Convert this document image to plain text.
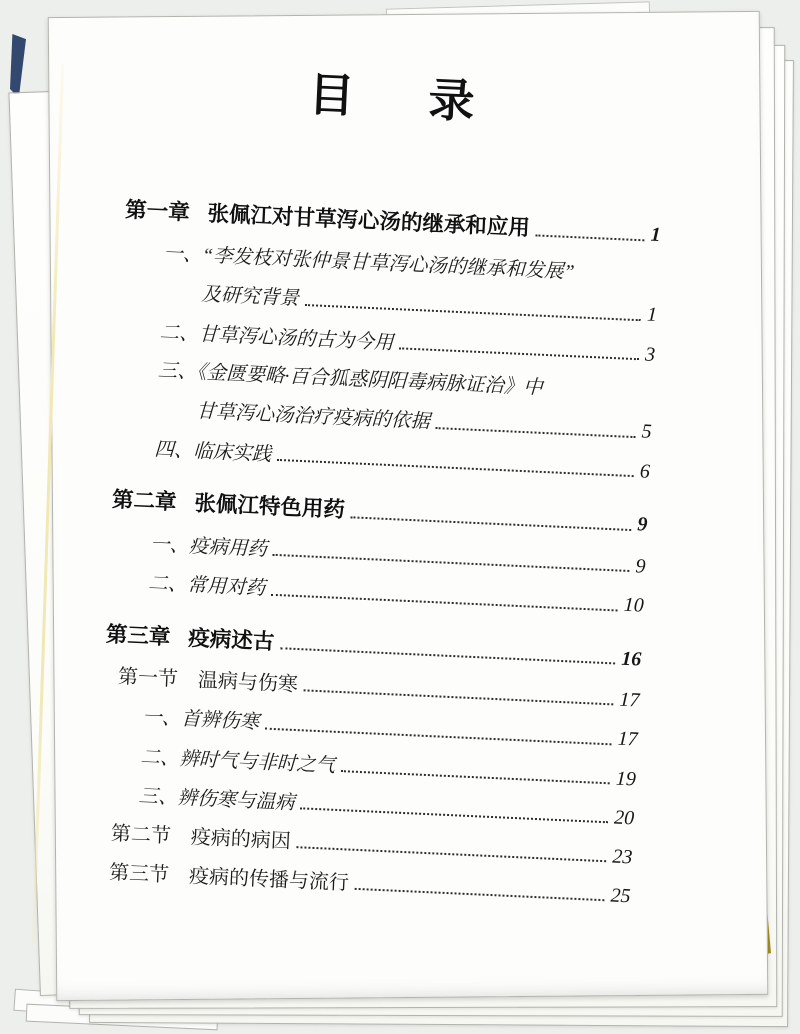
目　录
第一章 张佩江对甘草泻心汤的继承和应用	1
一、“李发枝对张仲景甘草泻心汤的继承和发展”
及研究背景
1
二、甘草泻心汤的古为今用
3
三、《金匮要略·百合狐惑阴阳毒病脉证治》中
甘草泻心汤治疗疫病的依据	5
四、临床实践
6
第二章 张佩江特色用药
9
一、疫病用药
9
二、常用对药
10
第三章 疫病述古
16
第一节 温病与伤寒
17
一、首辨伤寒
17
二、辨时气与非时之气
19
三、辨伤寒与温病
20
第二节 疫病的病因
23
第三节 疫病的传播与流行
25
